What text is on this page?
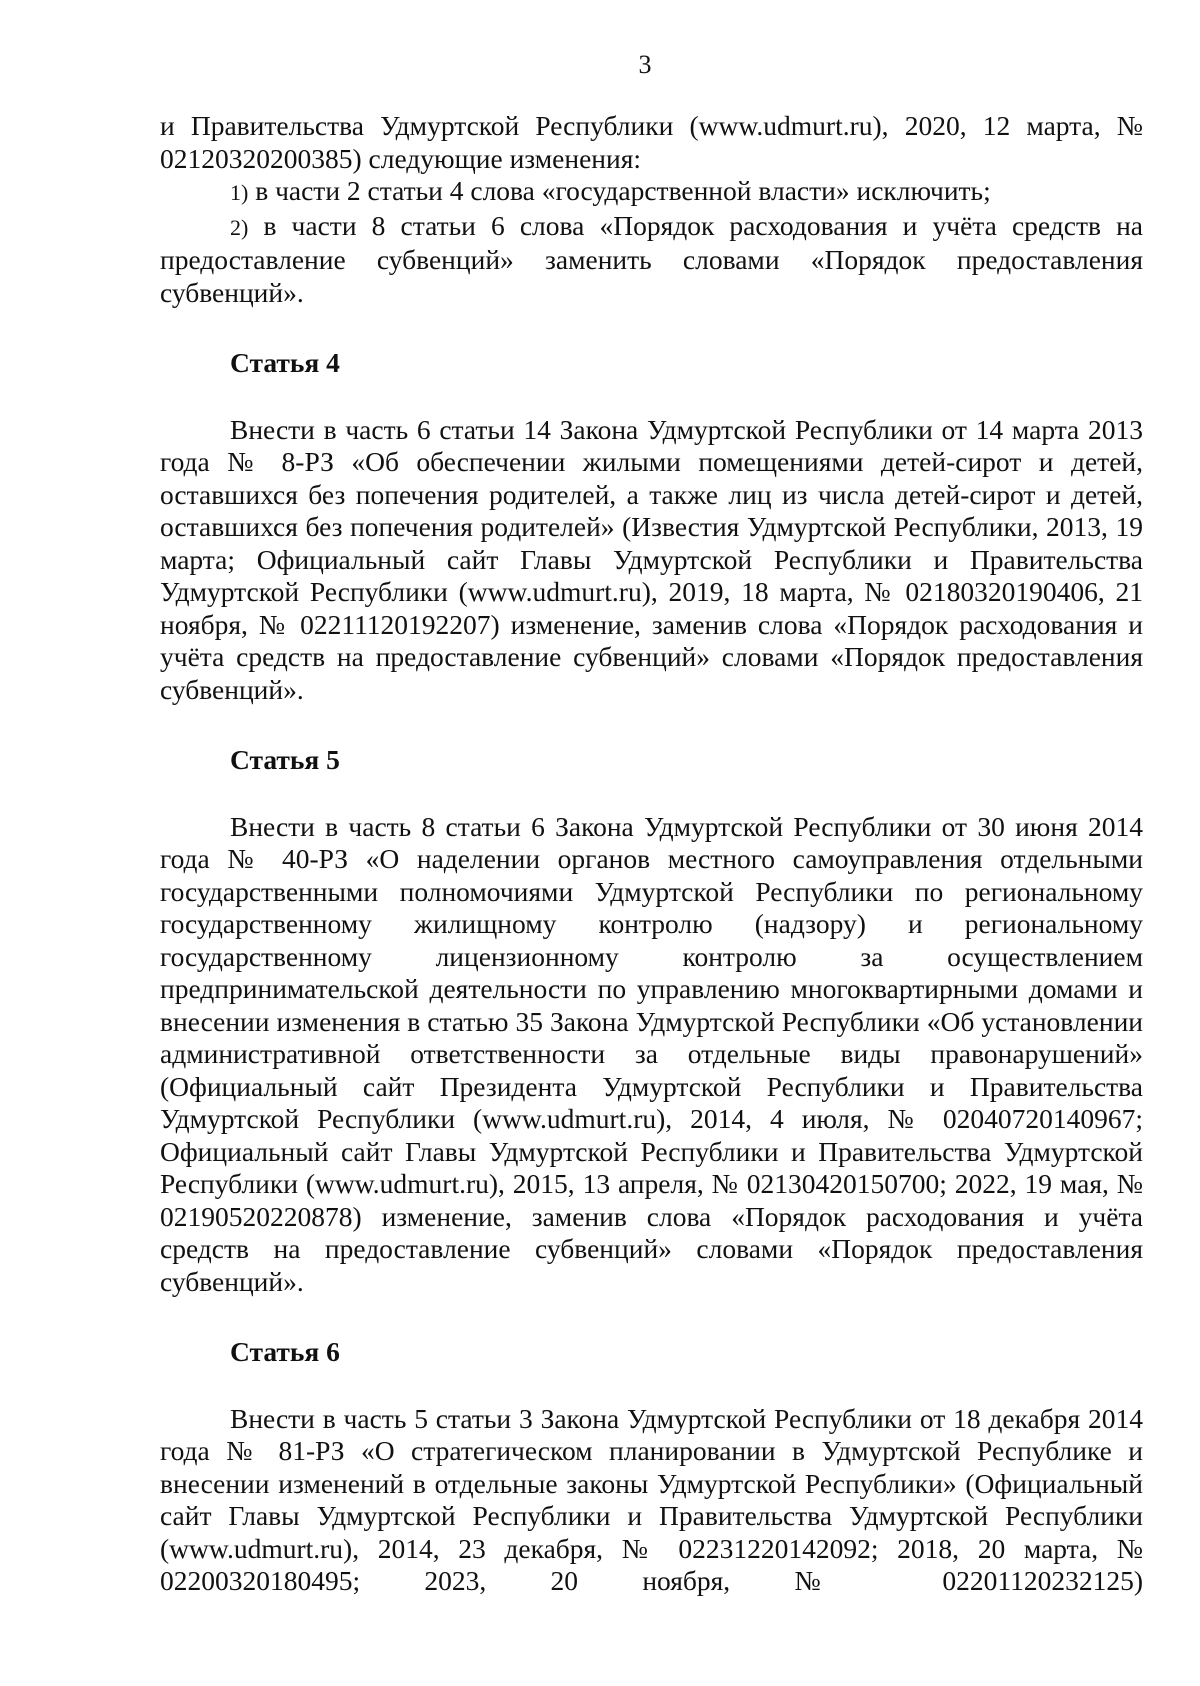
3

и Правительства Удмуртской Республики (www.udmurt.ru), 2020, 12 марта, № 02120320200385) следующие изменения:

1) в части 2 статьи 4 слова «государственной власти» исключить;

2) в части 8 статьи 6 слова «Порядок расходования и учёта средств на предоставление субвенций» заменить словами «Порядок предоставления субвенций».

Статья 4

Внести в часть 6 статьи 14 Закона Удмуртской Республики от 14 марта 2013 года № 8-РЗ «Об обеспечении жилыми помещениями детей-сирот и детей, оставшихся без попечения родителей, а также лиц из числа детей-сирот и детей, оставшихся без попечения родителей» (Известия Удмуртской Республики, 2013, 19 марта; Официальный сайт Главы Удмуртской Республики и Правительства Удмуртской Республики (www.udmurt.ru), 2019, 18 марта, № 02180320190406, 21 ноября, № 02211120192207) изменение, заменив слова «Порядок расходования и учёта средств на предоставление субвенций» словами «Порядок предоставления субвенций».

Статья 5

Внести в часть 8 статьи 6 Закона Удмуртской Республики от 30 июня 2014 года № 40-РЗ «О наделении органов местного самоуправления отдельными государственными полномочиями Удмуртской Республики по региональному государственному жилищному контролю (надзору) и региональному государственному лицензионному контролю за осуществлением предпринимательской деятельности по управлению многоквартирными домами и внесении изменения в статью 35 Закона Удмуртской Республики «Об установлении административной ответственности за отдельные виды правонарушений» (Официальный сайт Президента Удмуртской Республики и Правительства Удмуртской Республики (www.udmurt.ru), 2014, 4 июля, № 02040720140967; Официальный сайт Главы Удмуртской Республики и Правительства Удмуртской Республики (www.udmurt.ru), 2015, 13 апреля, № 02130420150700; 2022, 19 мая, № 02190520220878) изменение, заменив слова «Порядок расходования и учёта средств на предоставление субвенций» словами «Порядок предоставления субвенций».

Статья 6

Внести в часть 5 статьи 3 Закона Удмуртской Республики от 18 декабря 2014 года № 81-РЗ «О стратегическом планировании в Удмуртской Республике и внесении изменений в отдельные законы Удмуртской Республики» (Официальный сайт Главы Удмуртской Республики и Правительства Удмуртской Республики (www.udmurt.ru), 2014, 23 декабря, № 02231220142092; 2018, 20 марта, № 02200320180495; 2023, 20 ноября, № 02201120232125)
